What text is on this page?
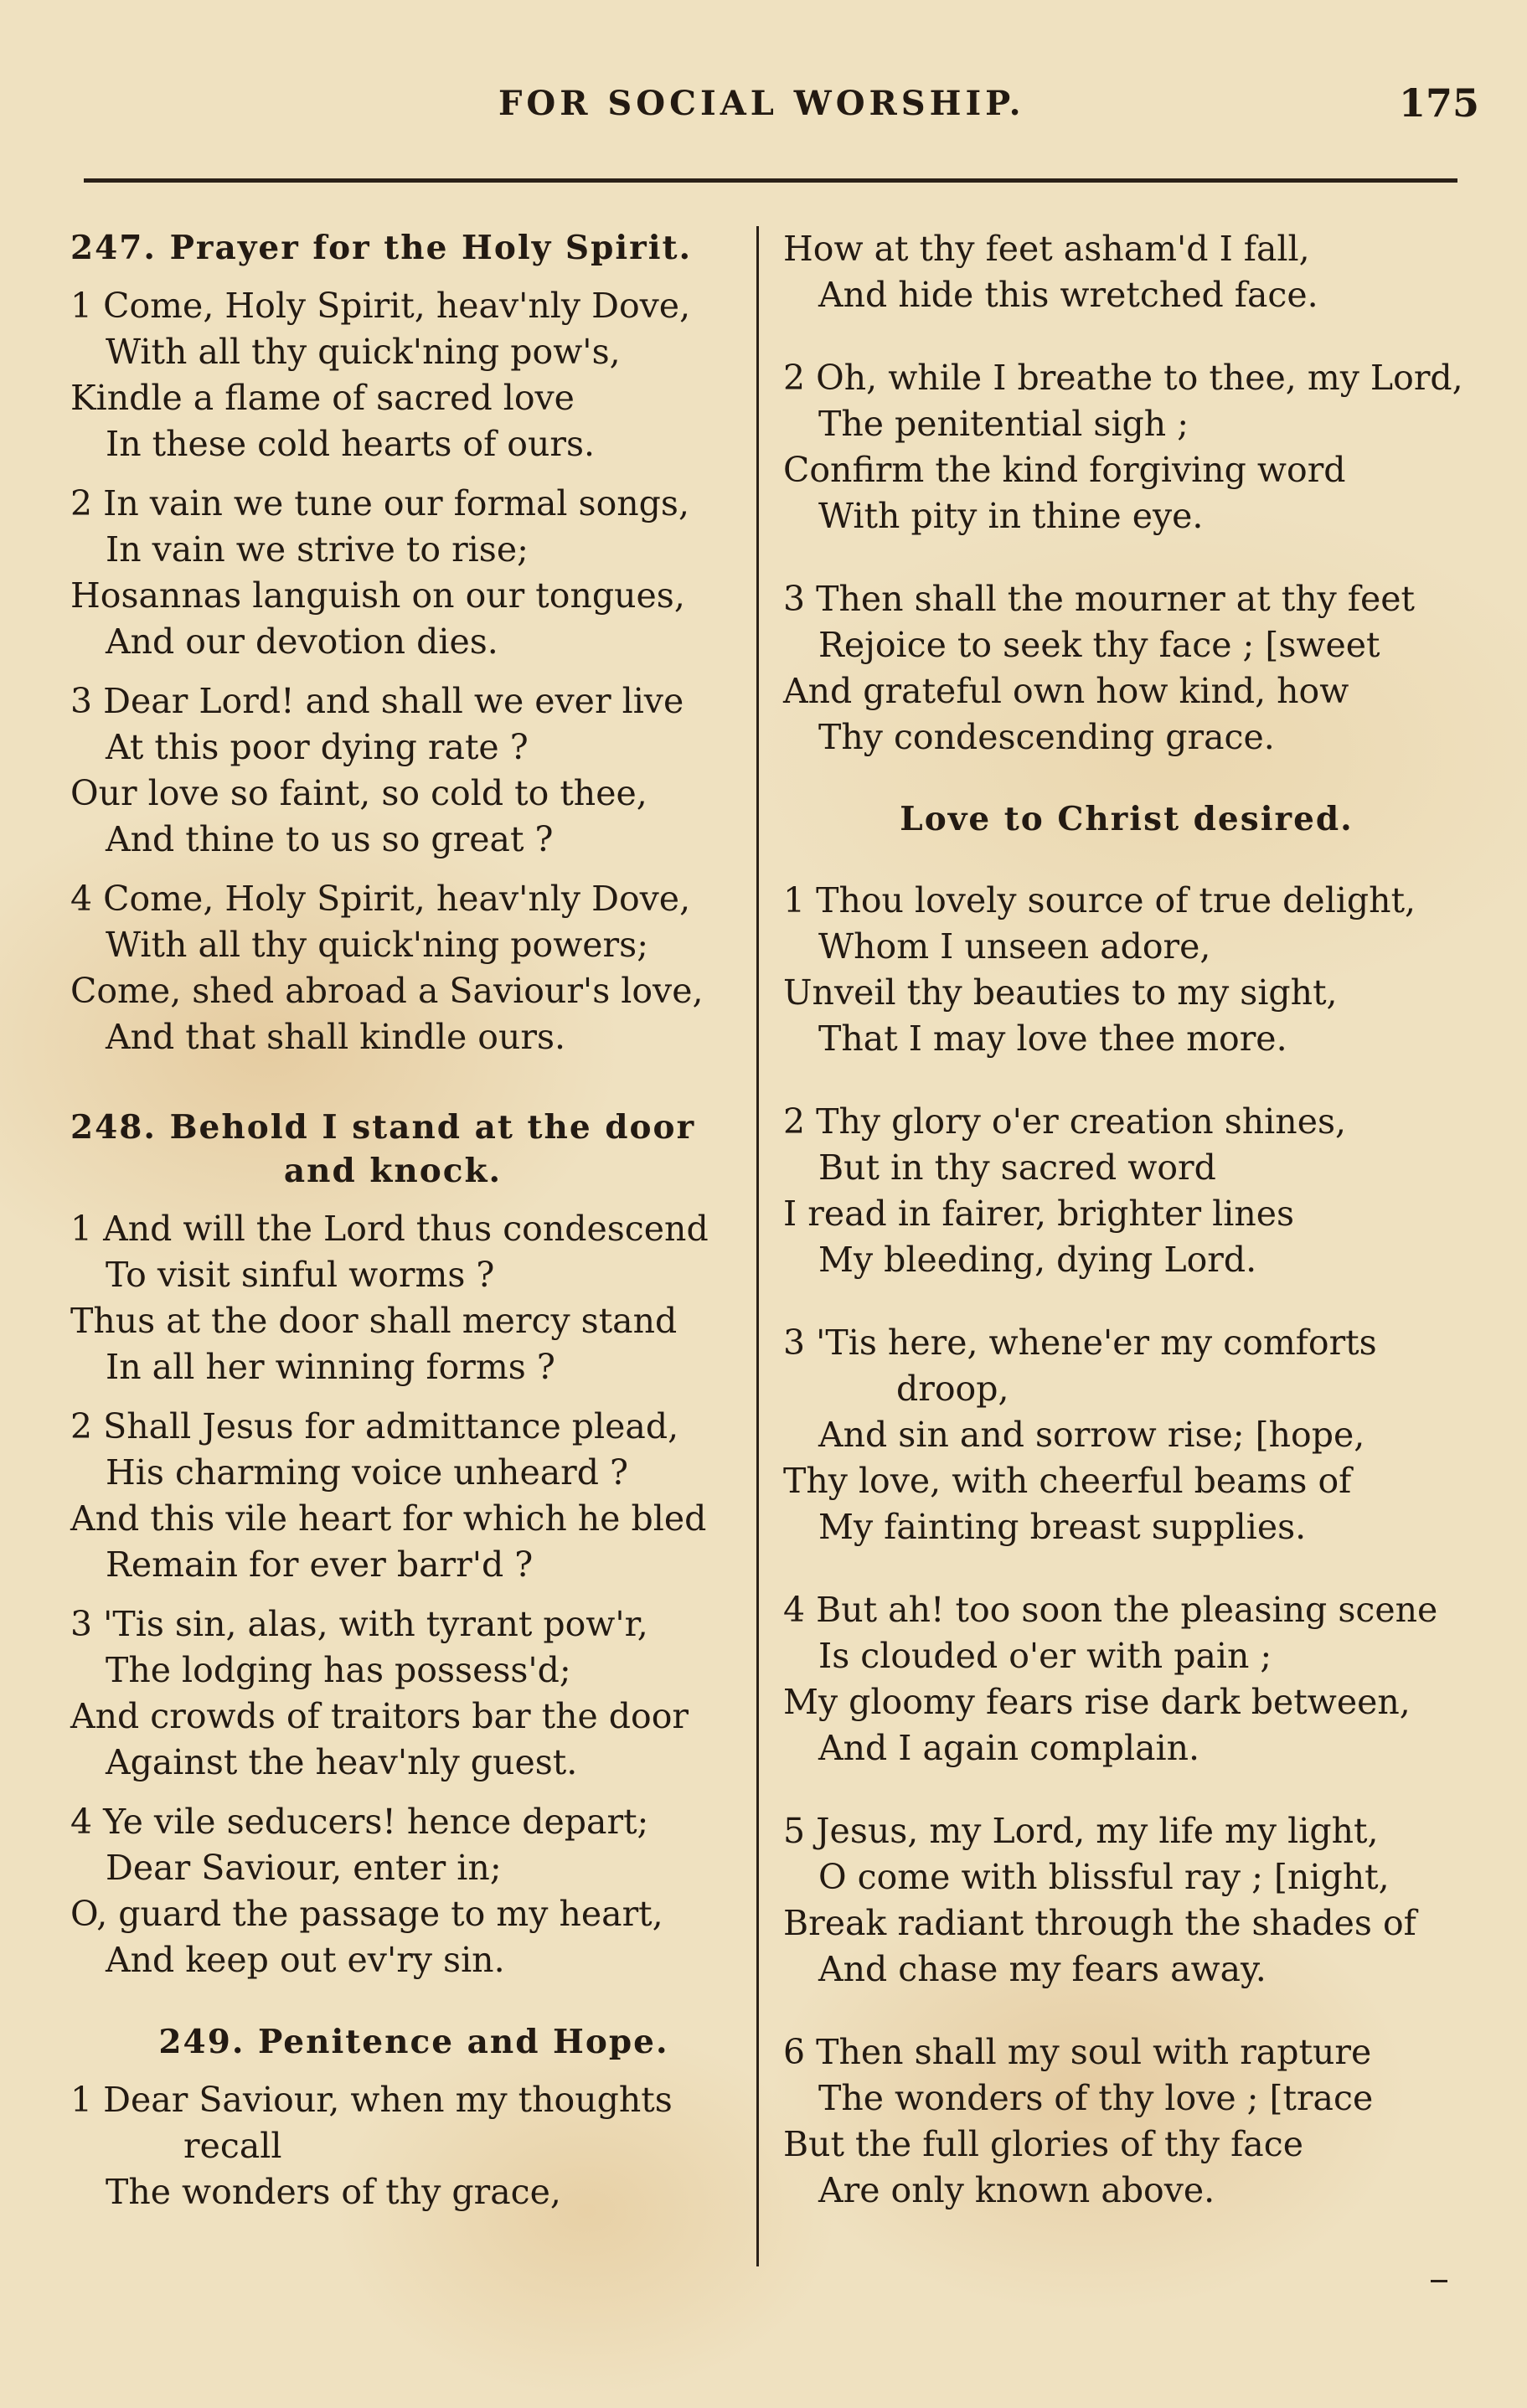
FOR SOCIAL WORSHIP.	175
247. Prayer for the Holy Spirit.
1 Come, Holy Spirit, heav'nly Dove,
With all thy quick'ning pow's,
Kindle a flame of sacred love
In these cold hearts of ours.
2 In vain we tune our formal songs,
In vain we strive to rise;
Hosannas languish on our tongues,
And our devotion dies.
3 Dear Lord! and shall we ever live
At this poor dying rate ?
Our love so faint, so cold to thee,
And thine to us so great ?
4 Come, Holy Spirit, heav'nly Dove,
With all thy quick'ning powers;
Come, shed abroad a Saviour's love,
And that shall kindle ours.
248. Behold I stand at the door
and knock.
1 And will the Lord thus condescend
To visit sinful worms ?
Thus at the door shall mercy stand
In all her winning forms ?
2 Shall Jesus for admittance plead,
His charming voice unheard ?
And this vile heart for which he bled
Remain for ever barr'd ?
3 'Tis sin, alas, with tyrant pow'r,
The lodging has possess'd;
And crowds of traitors bar the door
Against the heav'nly guest.
4 Ye vile seducers! hence depart;
Dear Saviour, enter in;
O, guard the passage to my heart,
And keep out ev'ry sin.
249. Penitence and Hope.
1 Dear Saviour, when my thoughts
recall
The wonders of thy grace,
How at thy feet asham'd I fall,
And hide this wretched face.
2 Oh, while I breathe to thee, my Lord,
The penitential sigh ;
Confirm the kind forgiving word
With pity in thine eye.
3 Then shall the mourner at thy feet
Rejoice to seek thy face ; [sweet
And grateful own how kind, how
Thy condescending grace.
Love to Christ desired.
1 Thou lovely source of true delight,
Whom I unseen adore,
Unveil thy beauties to my sight,
That I may love thee more.
2 Thy glory o'er creation shines,
But in thy sacred word
I read in fairer, brighter lines
My bleeding, dying Lord.
3 'Tis here, whene'er my comforts
droop,
And sin and sorrow rise; [hope,
Thy love, with cheerful beams of
My fainting breast supplies.
4 But ah! too soon the pleasing scene
Is clouded o'er with pain ;
My gloomy fears rise dark between,
And I again complain.
5 Jesus, my Lord, my life my light,
O come with blissful ray ; [night,
Break radiant through the shades of
And chase my fears away.
6 Then shall my soul with rapture
The wonders of thy love ; [trace
But the full glories of thy face
Are only known above.
